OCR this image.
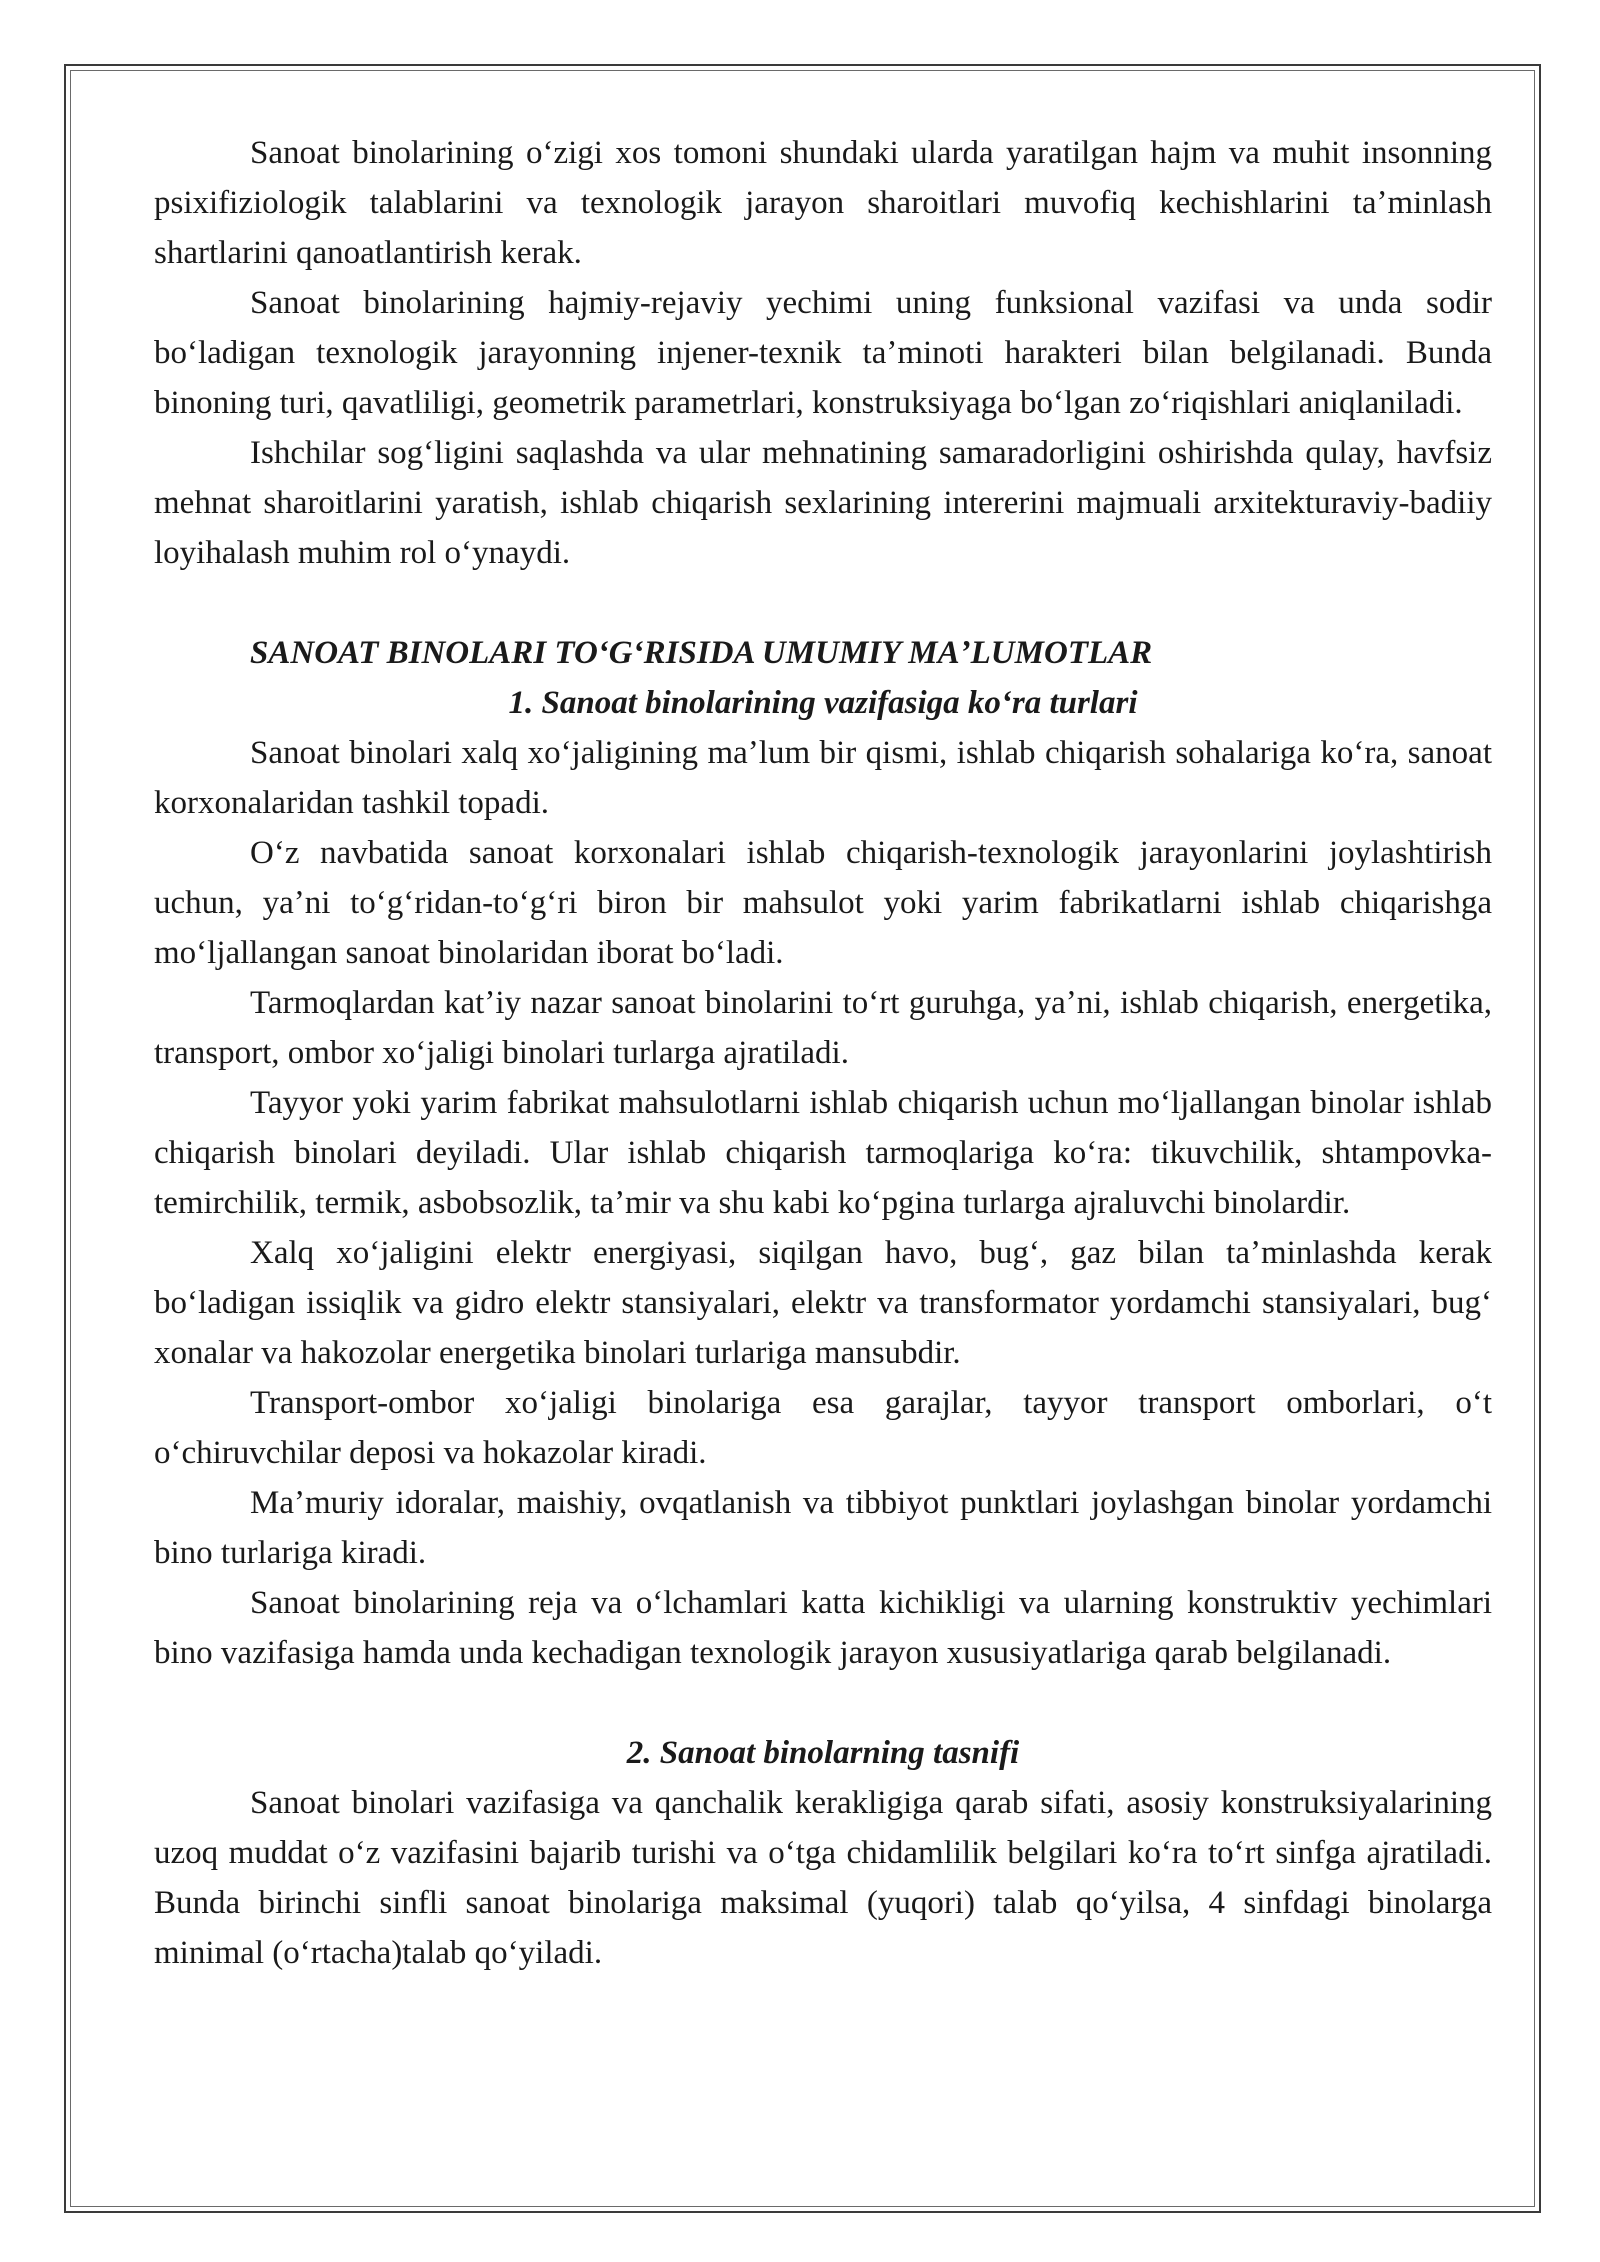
Sanoat binolarining oʻzigi xos tomoni shundaki ularda yaratilgan hajm va muhit insonning psixifiziologik talablarini va texnologik jarayon sharoitlari muvofiq kechishlarini taʼminlash shartlarini qanoatlantirish kerak.

Sanoat binolarining hajmiy-rejaviy yechimi uning funksional vazifasi va unda sodir boʻladigan texnologik jarayonning injener-texnik taʼminoti harakteri bilan belgilanadi. Bunda binoning turi, qavatliligi, geometrik parametrlari, konstruksiyaga boʻlgan zoʻriqishlari aniqlaniladi.

Ishchilar sogʻligini saqlashda va ular mehnatining samaradorligini oshirishda qulay, havfsiz mehnat sharoitlarini yaratish, ishlab chiqarish sexlarining intererini majmuali arxitekturaviy-badiiy loyihalash muhim rol oʻynaydi.

SANOAT BINOLARI TOʻGʻRISIDA UMUMIY MAʼLUMOTLAR
1. Sanoat binolarining vazifasiga koʻra turlari

Sanoat binolari xalq xoʻjaligining maʼlum bir qismi, ishlab chiqarish sohalariga koʻra, sanoat korxonalaridan tashkil topadi.

Oʻz navbatida sanoat korxonalari ishlab chiqarish-texnologik jarayonlarini joylashtirish uchun, yaʼni toʻgʻridan-toʻgʻri biron bir mahsulot yoki yarim fabrikatlarni ishlab chiqarishga moʻljallangan sanoat binolaridan iborat boʻladi.

Tarmoqlardan katʼiy nazar sanoat binolarini toʻrt guruhga, yaʼni, ishlab chiqarish, energetika, transport, ombor xoʻjaligi binolari turlarga ajratiladi.

Tayyor yoki yarim fabrikat mahsulotlarni ishlab chiqarish uchun moʻljallangan binolar ishlab chiqarish binolari deyiladi. Ular ishlab chiqarish tarmoqlariga koʻra: tikuvchilik, shtampovka-temirchilik, termik, asbobsozlik, taʼmir va shu kabi koʻpgina turlarga ajraluvchi binolardir.

Xalq xoʻjaligini elektr energiyasi, siqilgan havo, bugʻ, gaz bilan taʼminlashda kerak boʻladigan issiqlik va gidro elektr stansiyalari, elektr va transformator yordamchi stansiyalari, bugʻ xonalar va hakozolar energetika binolari turlariga mansubdir.

Transport-ombor xoʻjaligi binolariga esa garajlar, tayyor transport omborlari, oʻt oʻchiruvchilar deposi va hokazolar kiradi.

Maʼmuriy idoralar, maishiy, ovqatlanish va tibbiyot punktlari joylashgan binolar yordamchi bino turlariga kiradi.

Sanoat binolarining reja va oʻlchamlari katta kichikligi va ularning konstruktiv yechimlari bino vazifasiga hamda unda kechadigan texnologik jarayon xususiyatlariga qarab belgilanadi.

2. Sanoat binolarning tasnifi

Sanoat binolari vazifasiga va qanchalik kerakligiga qarab sifati, asosiy konstruksiyalarining uzoq muddat oʻz vazifasini bajarib turishi va oʻtga chidamlilik belgilari koʻra toʻrt sinfga ajratiladi. Bunda birinchi sinfli sanoat binolariga maksimal (yuqori) talab qoʻyilsa, 4 sinfdagi binolarga minimal (oʻrtacha)talab qoʻyiladi.
